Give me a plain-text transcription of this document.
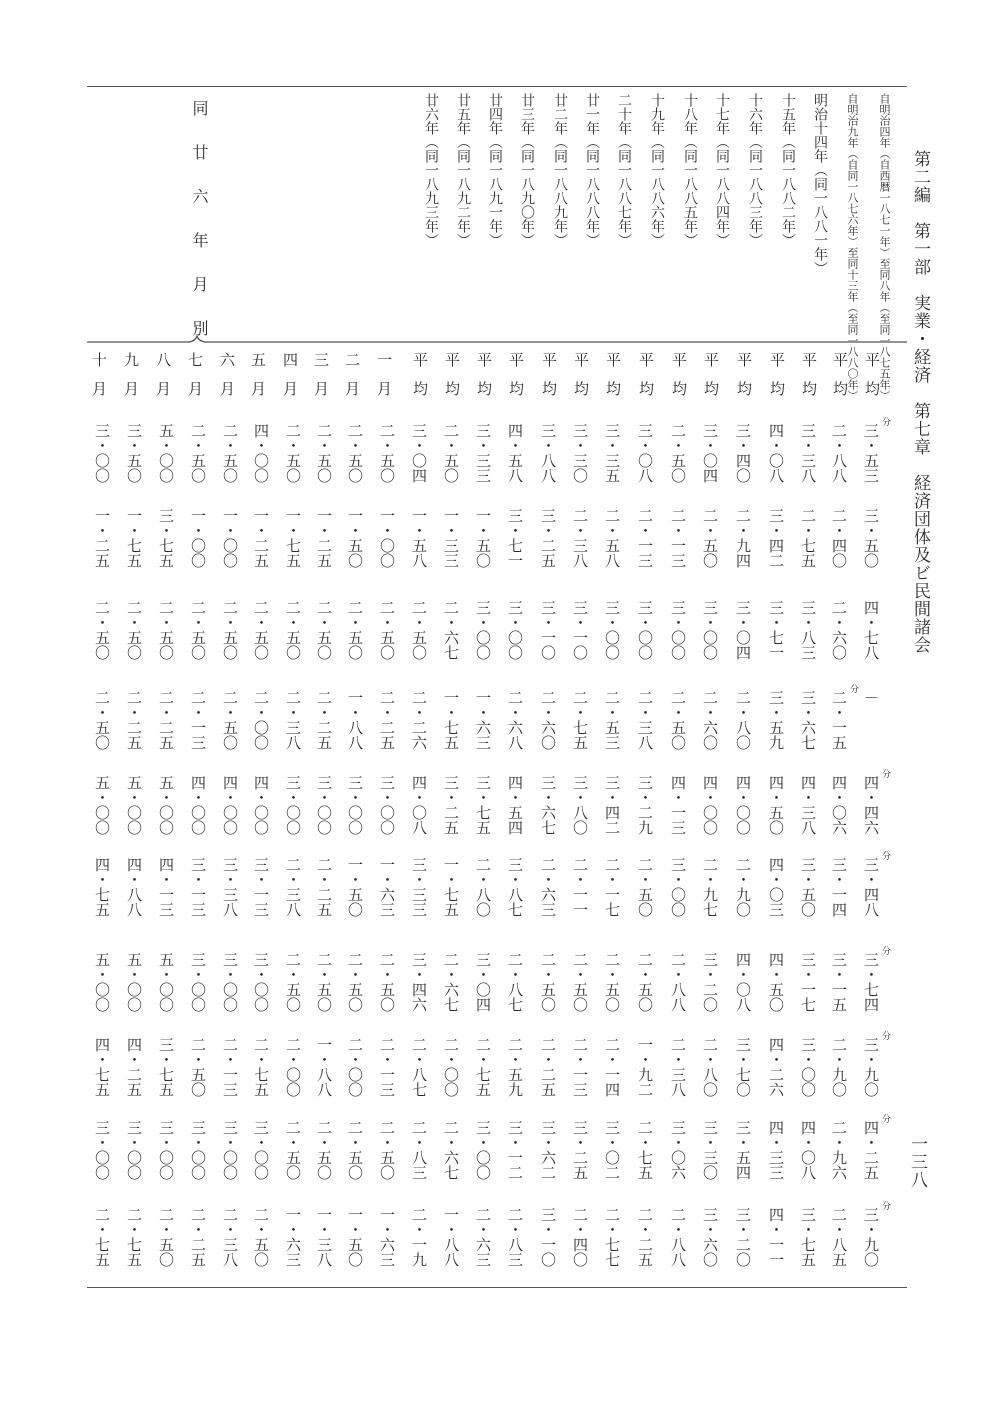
第二編　第一部　実業・経済　第七章　経済団体及ビ民間諸会
一三八
自明治四年（自西暦一八七一年）至同八年（至同一八七五年）
平均
三・五三
三・五〇
四・七八
－
四・四六
三・四八
三・七四
三・九〇
四・二五
三・九〇
自明治九年（自同一八七六年）至同十三年（至同一八八〇年）
平均
二・八八
二・四〇
二・六〇
二・一五
四・〇六
三・一四
三・一五
二・九〇
二・九六
二・八五
明治十四年（同一八八一年）
平均
三・三八
二・七五
三・八三
三・六七
四・三八
三・五〇
三・一七
三・〇〇
四・〇八
三・七五
十五年（同一八八二年）
平均
四・〇八
三・四二
三・七一
三・五九
四・五〇
四・〇三
四・五〇
四・二六
四・三三
四・一一
十六年（同一八八三年）
平均
三・四〇
二・九四
三・〇四
二・八〇
四・〇〇
二・九〇
四・〇八
三・七〇
三・五四
三・二〇
十七年（同一八八四年）
平均
三・〇四
二・五〇
三・〇〇
二・六〇
四・〇〇
二・九七
三・二〇
二・八〇
三・三〇
三・六〇
十八年（同一八八五年）
平均
二・五〇
二・一三
三・〇〇
二・五〇
四・一三
三・〇〇
二・八八
二・三八
三・〇六
二・八八
十九年（同一八八六年）
平均
三・〇八
二・一三
三・〇〇
二・三八
三・二九
二・五〇
二・五〇
一・九二
二・七五
二・二五
二十年（同一八八七年）
平均
三・三五
二・五八
三・〇〇
二・五三
三・四二
二・一七
二・五〇
二・一四
三・〇二
二・七七
廿一年（同一八八八年）
平均
三・三〇
二・三八
三・一〇
二・七五
三・八〇
二・一一
二・五〇
二・一三
三・二五
二・四〇
廿二年（同一八八九年）
平均
三・八八
三・二五
三・一〇
二・六〇
三・六七
二・六三
二・五〇
二・二五
三・六二
三・一〇
廿三年（同一八九〇年）
平均
四・五八
三・七一
三・〇〇
二・六八
四・五四
三・八七
二・八七
二・五九
三・一二
二・八三
廿四年（同一八九一年）
平均
三・三三
一・五〇
三・〇〇
一・六三
三・七五
二・八〇
三・〇四
二・七五
三・〇〇
二・六三
廿五年（同一八九二年）
平均
二・五〇
一・三三
二・六七
一・七五
三・二五
一・七五
二・六七
二・〇〇
二・六七
一・八八
廿六年（同一八九三年）
平均
三・〇四
一・五八
二・五〇
二・二六
四・〇八
三・三三
三・四六
二・八七
二・八三
二・一九
同廿六年月別
一月
二・五〇
一・〇〇
二・五〇
二・二五
三・〇〇
一・六三
二・五〇
二・一三
二・五〇
一・六三
二月
二・五〇
一・五〇
二・五〇
一・八八
三・〇〇
一・五〇
二・五〇
二・〇〇
二・五〇
一・五〇
三月
二・五〇
一・二五
二・五〇
二・二五
三・〇〇
二・二五
二・五〇
一・八八
二・五〇
一・三八
四月
二・五〇
一・七五
二・五〇
二・三八
三・〇〇
二・三八
二・五〇
二・〇〇
二・五〇
一・六三
五月
四・〇〇
一・二五
二・五〇
二・〇〇
四・〇〇
三・一三
三・〇〇
二・七五
三・〇〇
二・五〇
六月
二・五〇
一・〇〇
二・五〇
二・五〇
四・〇〇
三・三八
三・〇〇
二・一三
三・〇〇
二・三八
七月
二・五〇
一・〇〇
二・五〇
二・一三
四・〇〇
三・一三
三・〇〇
二・五〇
三・〇〇
二・二五
八月
五・〇〇
三・七五
二・五〇
二・二五
五・〇〇
四・一三
五・〇〇
三・七五
三・〇〇
二・五〇
九月
三・五〇
一・七五
二・五〇
二・二五
五・〇〇
四・八八
五・〇〇
四・二五
三・〇〇
二・七五
十月
三・〇〇
一・二五
二・五〇
二・五〇
五・〇〇
四・七五
五・〇〇
四・七五
三・〇〇
二・七五
分
分
分
分
分
分
分
分
